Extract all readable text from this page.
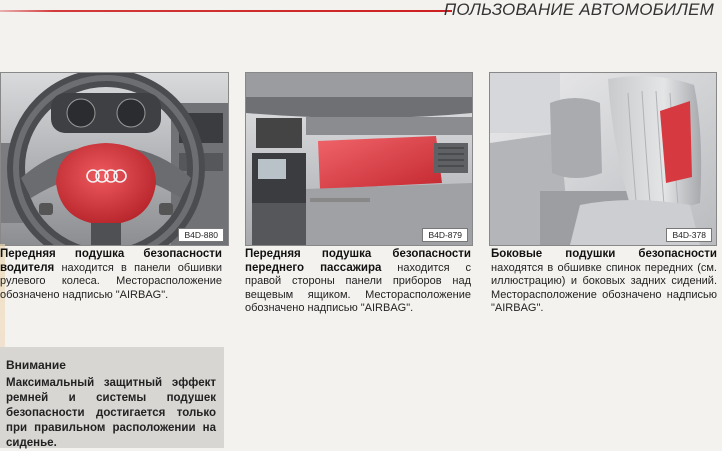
ПОЛЬЗОВАНИЕ АВТОМОБИЛЕМ
B4D-880	B4D-879	B4D-378
Передняя подушка безопасности водителя находится в панели обшивки рулевого колеса. Месторасположение обозначено надписью "AIRBAG".
Передняя подушка безопасности переднего пассажира находится с правой стороны панели приборов над вещевым ящиком. Месторасположение обозначено надписью "AIRBAG".
Боковые подушки безопасности находятся в обшивке спинок передних (см. иллюстрацию) и боковых задних сидений. Месторасположение обозначено надписью "AIRBAG".
Внимание
Максимальный защитный эффект ремней и системы подушек безопасности достигается только при правильном расположении на сиденье.
